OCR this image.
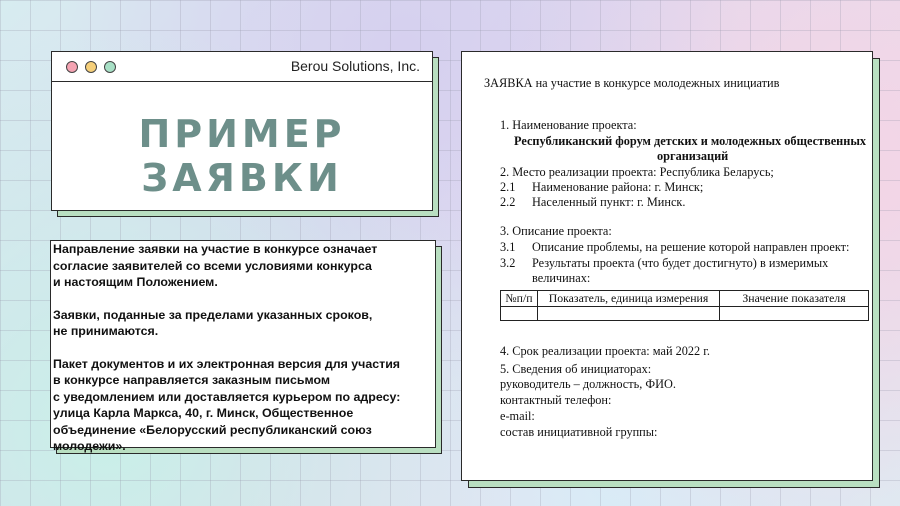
Berou Solutions, Inc.
ПРИМЕР ЗАЯВКИ

Направление заявки на участие в конкурсе означает
согласие заявителей со всеми условиями конкурса
и настоящим Положением.

Заявки, поданные за пределами указанных сроков,
не принимаются.

Пакет документов и их электронная версия для участия
в конкурсе направляется заказным письмом
с уведомлением или доставляется курьером по адресу:
улица Карла Маркса, 40, г. Минск, Общественное
объединение «Белорусский республиканский союз
молодежи».

ЗАЯВКА на участие в конкурсе молодежных инициатив
1. Наименование проекта:
Республиканский форум детских и молодежных общественных
организаций
2. Место реализации проекта: Республика Беларусь;
2.1 Наименование района: г. Минск;
2.2 Населенный пункт: г. Минск.
3. Описание проекта:
3.1 Описание проблемы, на решение которой направлен проект:
3.2 Результаты проекта (что будет достигнуто) в измеримых
величинах:
№п/п	Показатель, единица измерения	Значение показателя

4. Срок реализации проекта: май 2022 г.
5. Сведения об инициаторах:
руководитель – должность, ФИО.
контактный телефон:
e-mail:
состав инициативной группы:
